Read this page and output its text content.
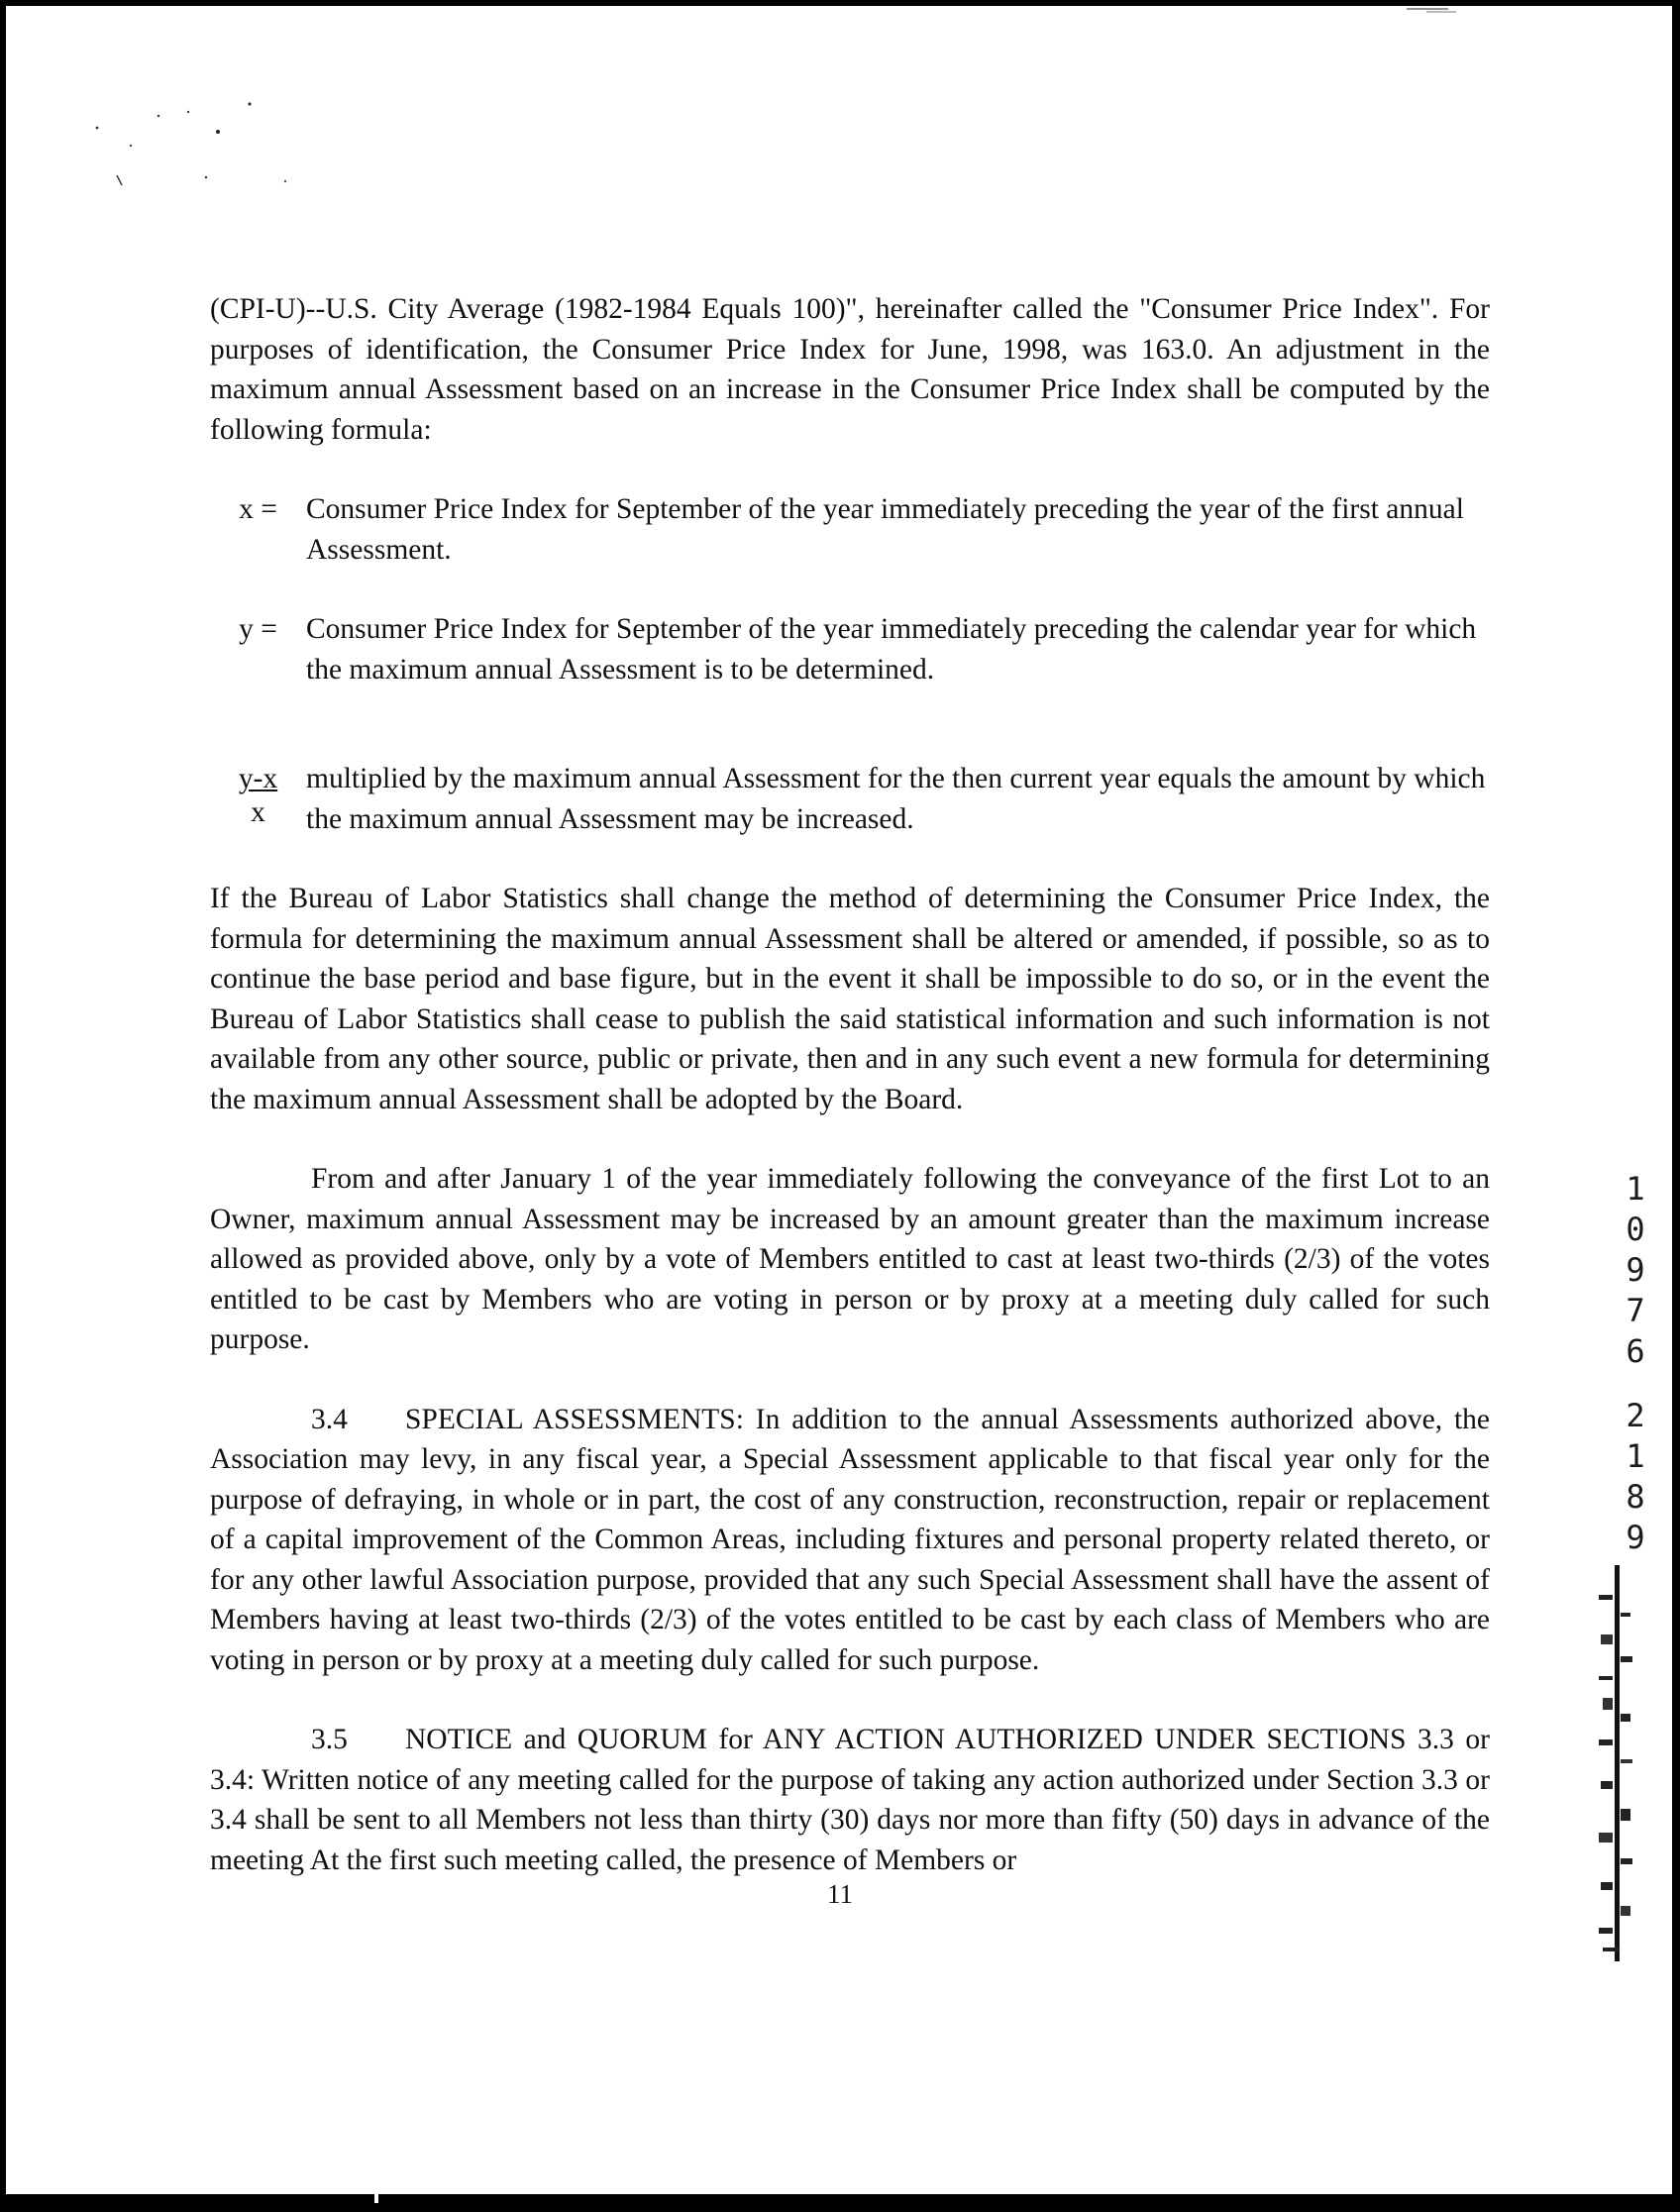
(CPI-U)--U.S. City Average (1982-1984 Equals 100)", hereinafter called the "Consumer Price Index". For purposes of identification, the Consumer Price Index for June, 1998, was 163.0. An adjustment in the maximum annual Assessment based on an increase in the Consumer Price Index shall be computed by the following formula:

x = Consumer Price Index for September of the year immediately preceding the year of the first annual Assessment.
y = Consumer Price Index for September of the year immediately preceding the calendar year for which the maximum annual Assessment is to be determined.
$\frac{y-x}{x}$ multiplied by the maximum annual Assessment for the then current year equals the amount by which the maximum annual Assessment may be increased.

If the Bureau of Labor Statistics shall change the method of determining the Consumer Price Index, the formula for determining the maximum annual Assessment shall be altered or amended, if possible, so as to continue the base period and base figure, but in the event it shall be impossible to do so, or in the event the Bureau of Labor Statistics shall cease to publish the said statistical information and such information is not available from any other source, public or private, then and in any such event a new formula for determining the maximum annual Assessment shall be adopted by the Board.

From and after January 1 of the year immediately following the conveyance of the first Lot to an Owner, maximum annual Assessment may be increased by an amount greater than the maximum increase allowed as provided above, only by a vote of Members entitled to cast at least two-thirds (2/3) of the votes entitled to be cast by Members who are voting in person or by proxy at a meeting duly called for such purpose.

3.4 SPECIAL ASSESSMENTS: In addition to the annual Assessments authorized above, the Association may levy, in any fiscal year, a Special Assessment applicable to that fiscal year only for the purpose of defraying, in whole or in part, the cost of any construction, reconstruction, repair or replacement of a capital improvement of the Common Areas, including fixtures and personal property related thereto, or for any other lawful Association purpose, provided that any such Special Assessment shall have the assent of Members having at least two-thirds (2/3) of the votes entitled to be cast by each class of Members who are voting in person or by proxy at a meeting duly called for such purpose.

3.5 NOTICE and QUORUM for ANY ACTION AUTHORIZED UNDER SECTIONS 3.3 or 3.4: Written notice of any meeting called for the purpose of taking any action authorized under Section 3.3 or 3.4 shall be sent to all Members not less than thirty (30) days nor more than fifty (50) days in advance of the meeting At the first such meeting called, the presence of Members or

11
1
0
9
7
6
2
1
8
9
